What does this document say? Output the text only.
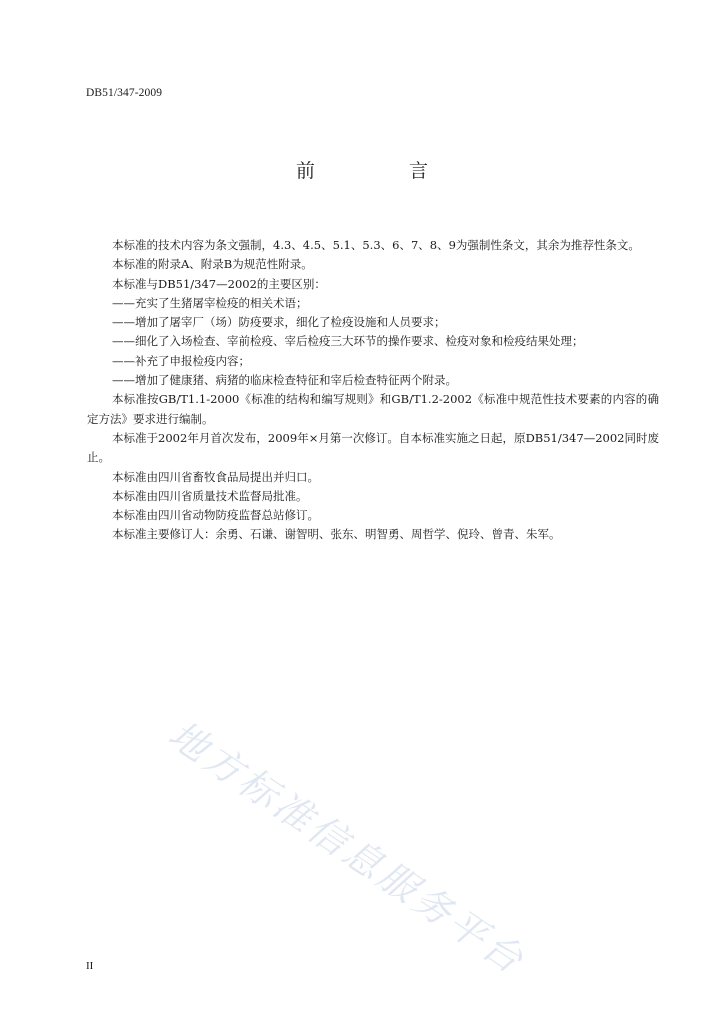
DB51/347-2009
前 言

本标准的技术内容为条文强制，4.3、4.5、5.1、5.3、6、7、8、9为强制性条文，其余为推荐性条文。

本标准的附录A、附录B为规范性附录。

本标准与DB51/347—2002的主要区别：

——充实了生猪屠宰检疫的相关术语；

——增加了屠宰厂（场）防疫要求，细化了检疫设施和人员要求；

——细化了入场检查、宰前检疫、宰后检疫三大环节的操作要求、检疫对象和检疫结果处理；

——补充了申报检疫内容；

——增加了健康猪、病猪的临床检查特征和宰后检查特征两个附录。

本标准按GB/T1.1-2000《标准的结构和编写规则》和GB/T1.2-2002《标准中规范性技术要素的内容的确定方法》要求进行编制。

本标准于2002年月首次发布，2009年×月第一次修订。自本标准实施之日起，原DB51/347—2002同时废止。

本标准由四川省畜牧食品局提出并归口。

本标准由四川省质量技术监督局批准。

本标准由四川省动物防疫监督总站修订。

本标准主要修订人：余勇、石谦、谢智明、张东、明智勇、周哲学、倪玲、曾青、朱军。

地方标准信息服务平台
II
